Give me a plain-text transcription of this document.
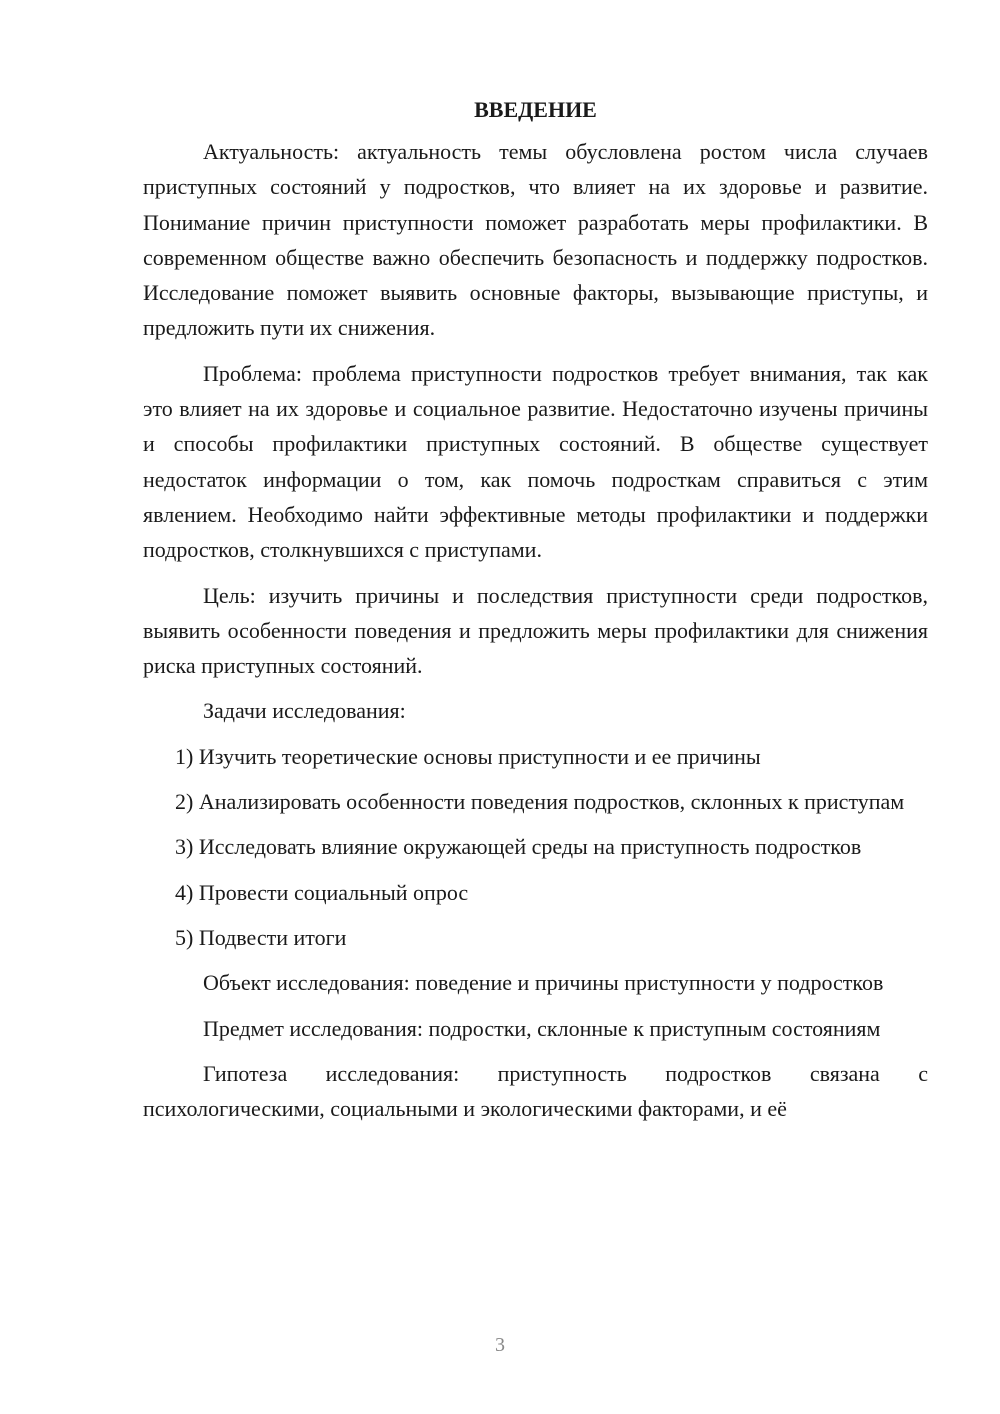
ВВЕДЕНИЕ

Актуальность: актуальность темы обусловлена ростом числа случаев приступных состояний у подростков, что влияет на их здоровье и развитие. Понимание причин приступности поможет разработать меры профилактики. В современном обществе важно обеспечить безопасность и поддержку подростков. Исследование поможет выявить основные факторы, вызывающие приступы, и предложить пути их снижения.

Проблема: проблема приступности подростков требует внимания, так как это влияет на их здоровье и социальное развитие. Недостаточно изучены причины и способы профилактики приступных состояний. В обществе существует недостаток информации о том, как помочь подросткам справиться с этим явлением. Необходимо найти эффективные методы профилактики и поддержки подростков, столкнувшихся с приступами.

Цель: изучить причины и последствия приступности среди подростков, выявить особенности поведения и предложить меры профилактики для снижения риска приступных состояний.

Задачи исследования:

1) Изучить теоретические основы приступности и ее причины

2) Анализировать особенности поведения подростков, склонных к приступам

3) Исследовать влияние окружающей среды на приступность подростков

4) Провести социальный опрос

5) Подвести итоги

Объект исследования: поведение и причины приступности у подростков

Предмет исследования: подростки, склонные к приступным состояниям

Гипотеза исследования: приступность подростков связана с психологическими, социальными и экологическими факторами, и её

3
